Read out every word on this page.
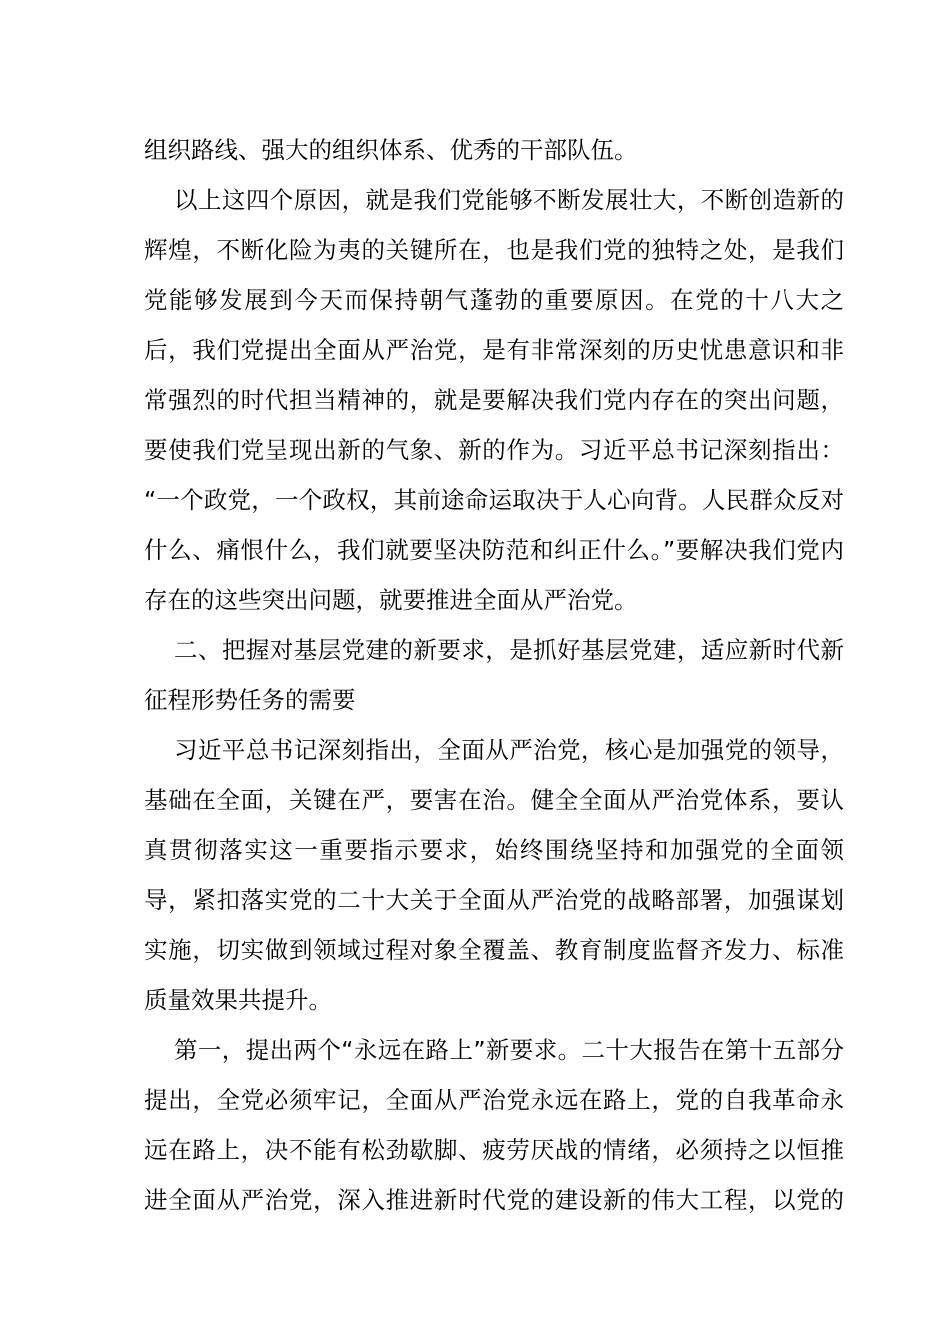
组织路线、强大的组织体系、优秀的干部队伍。
以上这四个原因，就是我们党能够不断发展壮大，不断创造新的
辉煌，不断化险为夷的关键所在，也是我们党的独特之处，是我们
党能够发展到今天而保持朝气蓬勃的重要原因。在党的十八大之
后，我们党提出全面从严治党，是有非常深刻的历史忧患意识和非
常强烈的时代担当精神的，就是要解决我们党内存在的突出问题，
要使我们党呈现出新的气象、新的作为。习近平总书记深刻指出：
“一个政党，一个政权，其前途命运取决于人心向背。人民群众反对
什么、痛恨什么，我们就要坚决防范和纠正什么。”要解决我们党内
存在的这些突出问题，就要推进全面从严治党。
二、把握对基层党建的新要求，是抓好基层党建，适应新时代新
征程形势任务的需要
习近平总书记深刻指出，全面从严治党，核心是加强党的领导，
基础在全面，关键在严，要害在治。健全全面从严治党体系，要认
真贯彻落实这一重要指示要求，始终围绕坚持和加强党的全面领
导，紧扣落实党的二十大关于全面从严治党的战略部署，加强谋划
实施，切实做到领域过程对象全覆盖、教育制度监督齐发力、标准
质量效果共提升。
第一，提出两个“永远在路上”新要求。二十大报告在第十五部分
提出，全党必须牢记，全面从严治党永远在路上，党的自我革命永
远在路上，决不能有松劲歇脚、疲劳厌战的情绪，必须持之以恒推
进全面从严治党，深入推进新时代党的建设新的伟大工程，以党的
